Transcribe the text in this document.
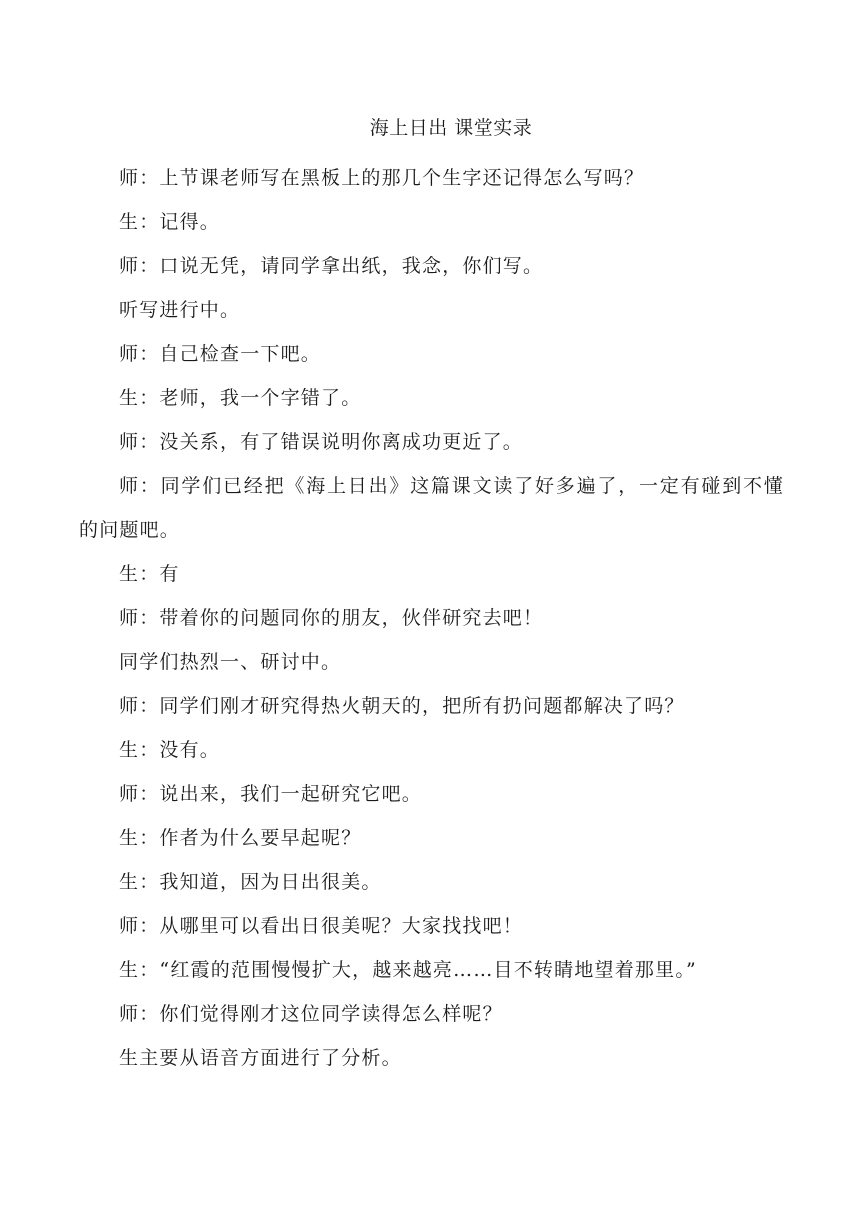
海上日出 课堂实录

师：上节课老师写在黑板上的那几个生字还记得怎么写吗？

生：记得。

师：口说无凭，请同学拿出纸，我念，你们写。

听写进行中。

师：自己检查一下吧。

生：老师，我一个字错了。

师：没关系，有了错误说明你离成功更近了。

师：同学们已经把《海上日出》这篇课文读了好多遍了，一定有碰到不懂的问题吧。

生：有

师：带着你的问题同你的朋友，伙伴研究去吧！

同学们热烈一、研讨中。

师：同学们刚才研究得热火朝天的，把所有扔问题都解决了吗？

生：没有。

师：说出来，我们一起研究它吧。

生：作者为什么要早起呢？

生：我知道，因为日出很美。

师：从哪里可以看出日很美呢？大家找找吧！

生：“红霞的范围慢慢扩大，越来越亮……目不转睛地望着那里。”

师：你们觉得刚才这位同学读得怎么样呢？

生主要从语音方面进行了分析。
